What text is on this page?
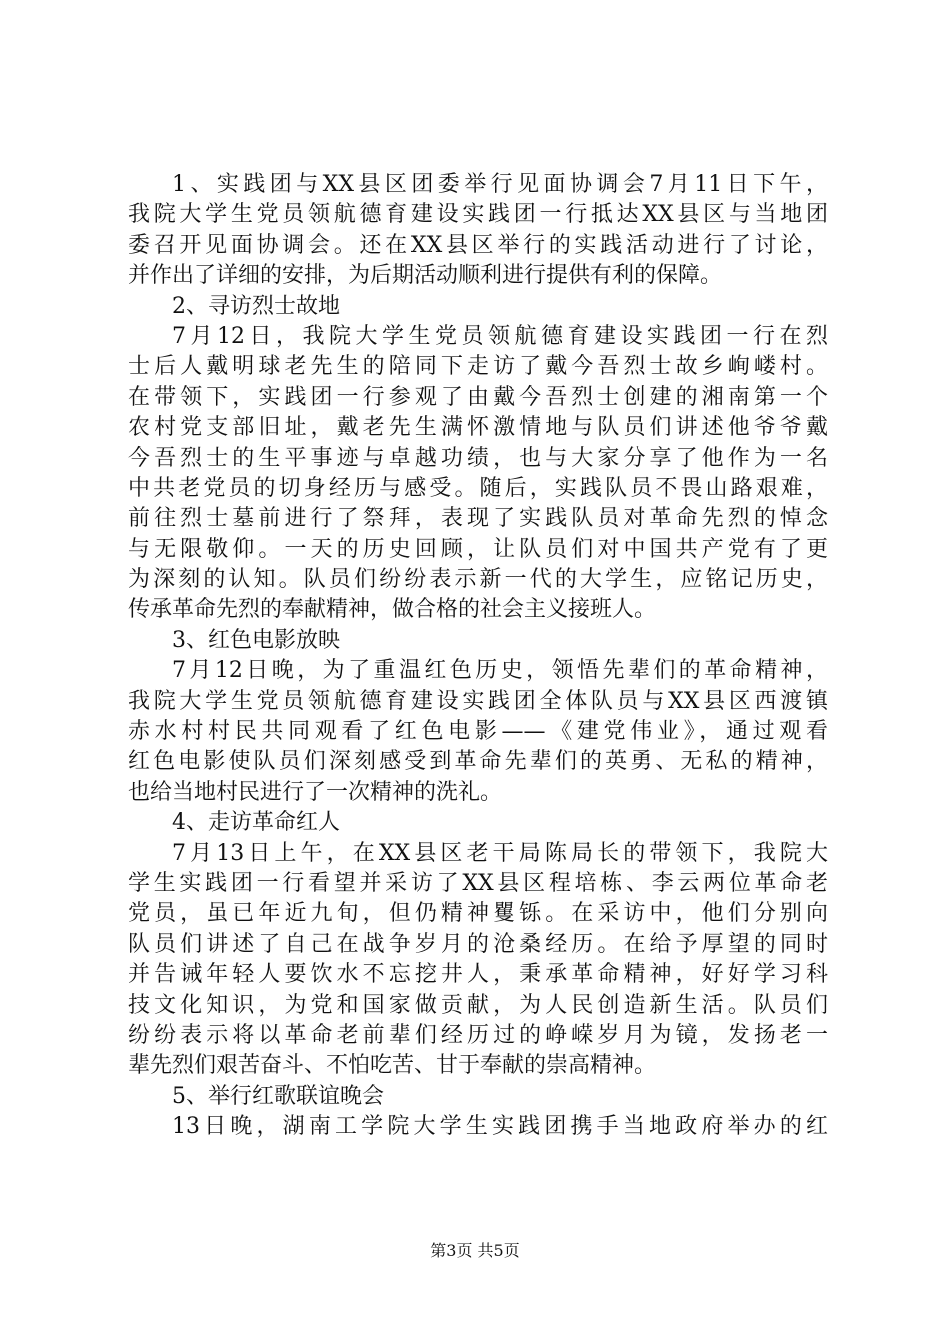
1、实践团与XX县区团委举行见面协调会7月11日下午，
我院大学生党员领航德育建设实践团一行抵达XX县区与当地团
委召开见面协调会。还在XX县区举行的实践活动进行了讨论，
并作出了详细的安排，为后期活动顺利进行提供有利的保障。
2、寻访烈士故地
7月12日，我院大学生党员领航德育建设实践团一行在烈
士后人戴明球老先生的陪同下走访了戴今吾烈士故乡峋嵝村。
在带领下，实践团一行参观了由戴今吾烈士创建的湘南第一个
农村党支部旧址，戴老先生满怀激情地与队员们讲述他爷爷戴
今吾烈士的生平事迹与卓越功绩，也与大家分享了他作为一名
中共老党员的切身经历与感受。随后，实践队员不畏山路艰难，
前往烈士墓前进行了祭拜，表现了实践队员对革命先烈的悼念
与无限敬仰。一天的历史回顾，让队员们对中国共产党有了更
为深刻的认知。队员们纷纷表示新一代的大学生，应铭记历史，
传承革命先烈的奉献精神，做合格的社会主义接班人。
3、红色电影放映
7月12日晚，为了重温红色历史，领悟先辈们的革命精神，
我院大学生党员领航德育建设实践团全体队员与XX县区西渡镇
赤水村村民共同观看了红色电影——《建党伟业》，通过观看
红色电影使队员们深刻感受到革命先辈们的英勇、无私的精神，
也给当地村民进行了一次精神的洗礼。
4、走访革命红人
7月13日上午，在XX县区老干局陈局长的带领下，我院大
学生实践团一行看望并采访了XX县区程培栋、李云两位革命老
党员，虽已年近九旬，但仍精神矍铄。在采访中，他们分别向
队员们讲述了自己在战争岁月的沧桑经历。在给予厚望的同时
并告诫年轻人要饮水不忘挖井人，秉承革命精神，好好学习科
技文化知识，为党和国家做贡献，为人民创造新生活。队员们
纷纷表示将以革命老前辈们经历过的峥嵘岁月为镜，发扬老一
辈先烈们艰苦奋斗、不怕吃苦、甘于奉献的崇高精神。
5、举行红歌联谊晚会
13日晚，湖南工学院大学生实践团携手当地政府举办的红
第3页 共5页
